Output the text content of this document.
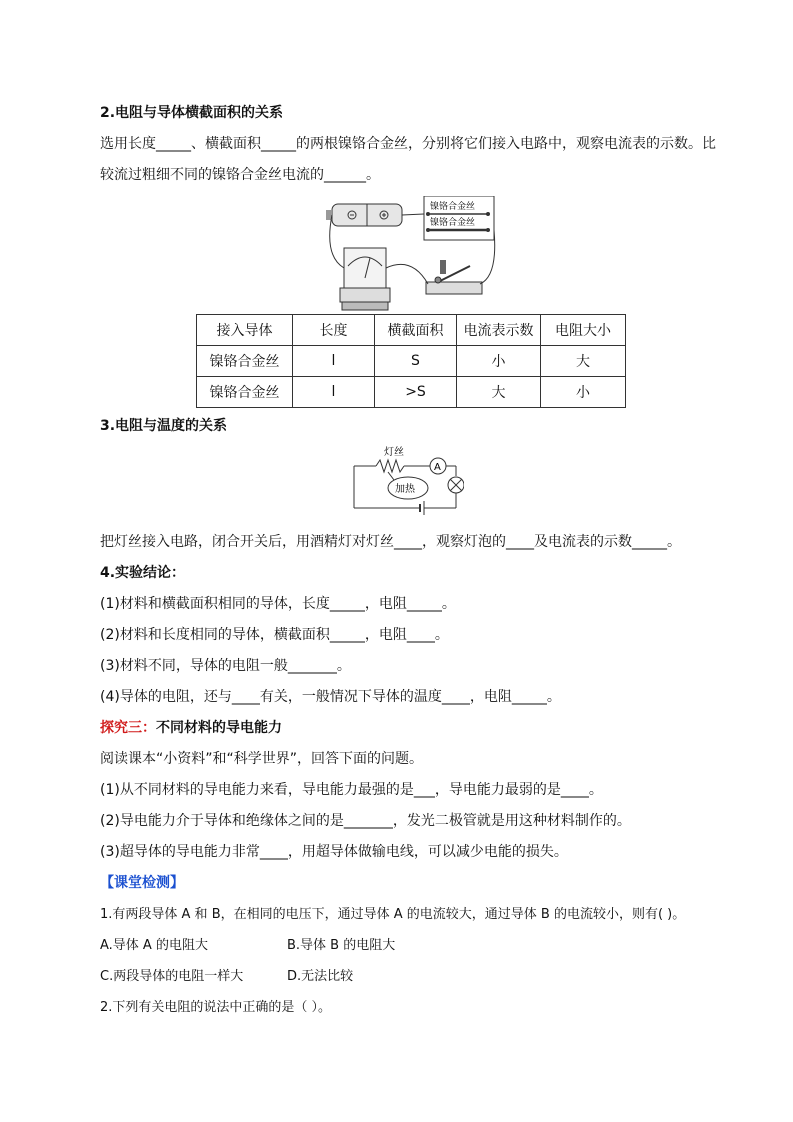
2.电阻与导体横截面积的关系
选用长度_____、横截面积_____的两根镍铬合金丝，分别将它们接入电路中，观察电流表的示数。比
较流过粗细不同的镍铬合金丝电流的______。
镍铬合金丝
镍铬合金丝
接入导体	长度	横截面积	电流表示数	电阻大小
镍铬合金丝	l	S	小	大
镍铬合金丝	l	>S	大	小
3.电阻与温度的关系
灯丝
A
加热
把灯丝接入电路，闭合开关后，用酒精灯对灯丝____，观察灯泡的____及电流表的示数_____。
4.实验结论：
(1)材料和横截面积相同的导体，长度_____，电阻_____。
(2)材料和长度相同的导体，横截面积_____，电阻____。
(3)材料不同，导体的电阻一般_______。
(4)导体的电阻，还与____有关，一般情况下导体的温度____，电阻_____。
探究三：不同材料的导电能力
阅读课本“小资料”和“科学世界”，回答下面的问题。
(1)从不同材料的导电能力来看，导电能力最强的是___，导电能力最弱的是____。
(2)导电能力介于导体和绝缘体之间的是_______，发光二极管就是用这种材料制作的。
(3)超导体的导电能力非常____，用超导体做输电线，可以减少电能的损失。
【课堂检测】
1.有两段导体 A 和 B，在相同的电压下，通过导体 A 的电流较大，通过导体 B 的电流较小，则有( )。
A.导体 A 的电阻大	B.导体 B 的电阻大
C.两段导体的电阻一样大	D.无法比较
2.下列有关电阻的说法中正确的是（ ）。
